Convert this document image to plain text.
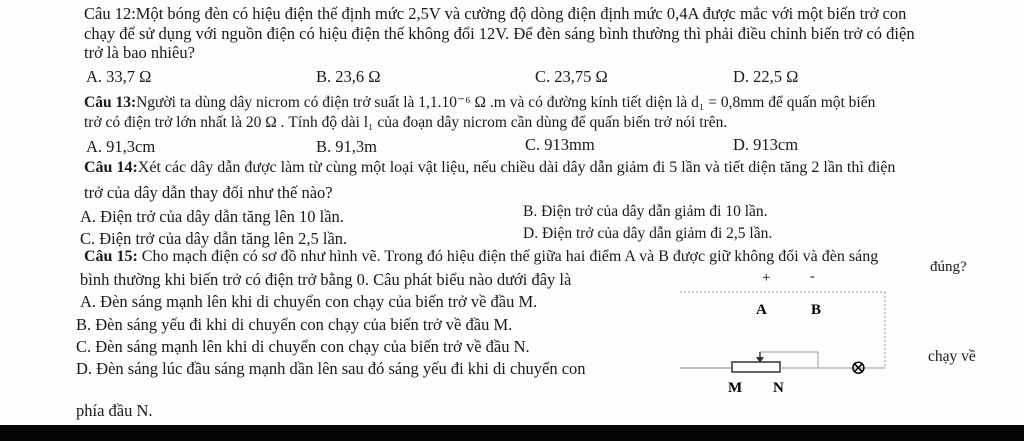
Câu 12:Một bóng đèn có hiệu điện thế định mức 2,5V và cường độ dòng điện định mức 0,4A được mắc với một biến trở con
chạy để sử dụng với nguồn điện có hiệu điện thế không đổi 12V. Để đèn sáng bình thường thì phải điều chỉnh biến trở có điện
trở là bao nhiêu?
A. 33,7 Ω	B. 23,6 Ω	C. 23,75 Ω	D. 22,5 Ω
Câu 13:Người ta dùng dây nicrom có điện trở suất là 1,1.10⁻⁶ Ω .m và có đường kính tiết diện là d₁ = 0,8mm để quấn một biến
trở có điện trở lớn nhất là 20 Ω . Tính độ dài l₁ của đoạn dây nicrom cần dùng để quấn biến trở nói trên.
A. 91,3cm	B. 91,3m	C. 913mm	D. 913cm
Câu 14:Xét các dây dẫn được làm từ cùng một loại vật liệu, nếu chiều dài dây dẫn giảm đi 5 lần và tiết diện tăng 2 lần thì điện
trở của dây dẫn thay đổi như thế nào?
A. Điện trở của dây dẫn tăng lên 10 lần.	B. Điện trở của dây dẫn giảm đi 10 lần.
C. Điện trở của dây dẫn tăng lên 2,5 lần.	D. Điện trở của dây dẫn giảm đi 2,5 lần.
Câu 15: Cho mạch điện có sơ đồ như hình vẽ. Trong đó hiệu điện thế giữa hai điểm A và B được giữ không đổi và đèn sáng
bình thường khi biến trở có điện trở bằng 0. Câu phát biểu nào dưới đây là
đúng?
A. Đèn sáng mạnh lên khi di chuyển con chạy của biến trở về đầu M.
B. Đèn sáng yếu đi khi di chuyển con chạy của biến trở về đầu M.
C. Đèn sáng mạnh lên khi di chuyển con chạy của biến trở về đầu N.
D. Đèn sáng lúc đầu sáng mạnh dần lên sau đó sáng yếu đi khi di chuyển con
phía đầu N.
chạy về
+	-
A	B
⊗
M N
